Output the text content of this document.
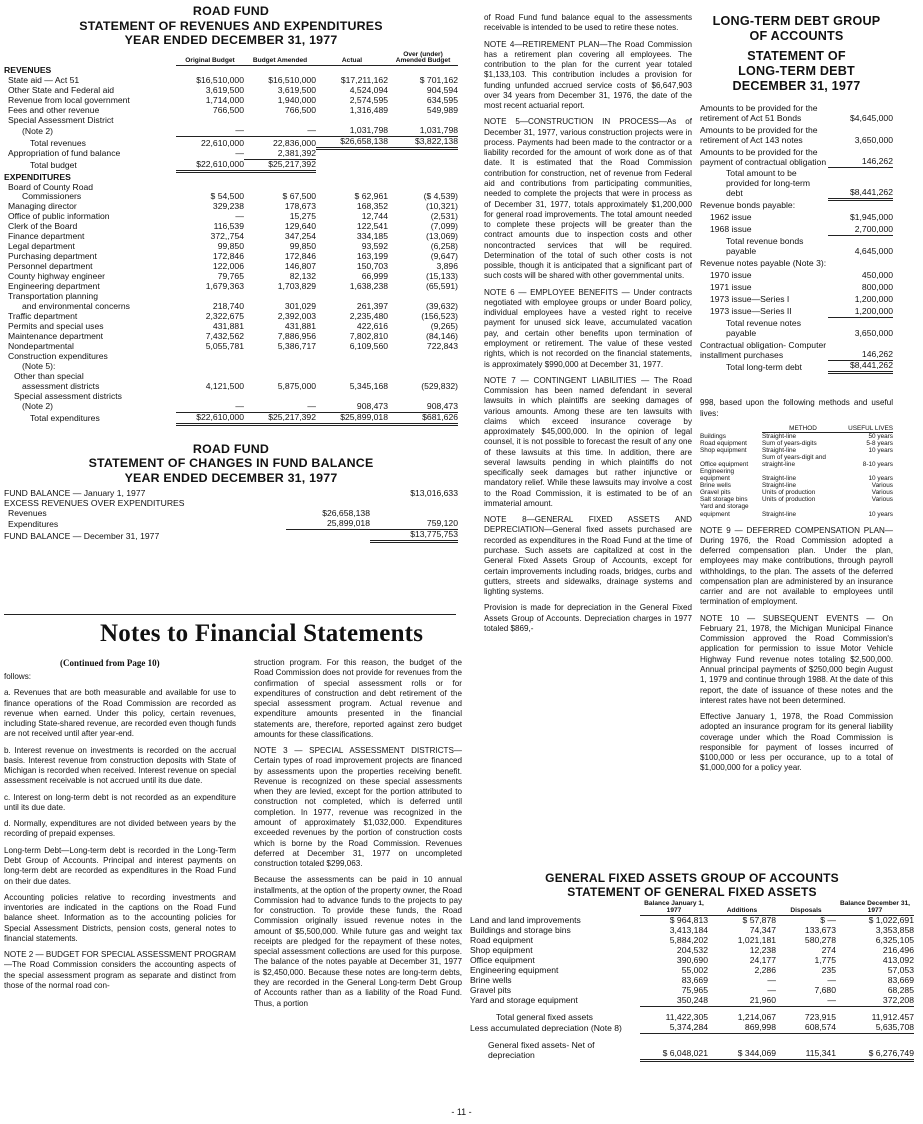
ROAD FUND
STATEMENT OF REVENUES AND EXPENDITURES
YEAR ENDED DECEMBER 31, 1977
	Original Budget	Budget Amended	Actual	Over (under) Amended Budget
REVENUES				
State aid — Act 51	$16,510,000	$16,510,000	$17,211,162	$ 701,162
Other State and Federal aid	3,619,500	3,619,500	4,524,094	904,594
Revenue from local government	1,714,000	1,940,000	2,574,595	634,595
Fees and other revenue	766,500	766,500	1,316,489	549,989
Special Assessment District				
(Note 2)	—	—	1,031,798	1,031,798
Total revenues	22,610,000	22,836,000	$26,658,138	$3,822,138
Appropriation of fund balance	—	2,381,392		
Total budget	$22,610,000	$25,217,392		
EXPENDITURES				
Board of County Road				
Commissioners	$ 54,500	$ 67,500	$ 62,961	($ 4,539)
Managing director	329,238	178,673	168,352	(10,321)
Office of public information	—	15,275	12,744	(2,531)
Clerk of the Board	116,539	129,640	122,541	(7,099)
Finance department	372,,754	347,254	334,185	(13,069)
Legal department	99,850	99,850	93,592	(6,258)
Purchasing department	172,846	172,846	163,199	(9,647)
Personnel department	122,006	146,807	150,703	3,896
County highway engineer	79,765	82,132	66,999	(15,133)
Engineering department	1,679,363	1,703,829	1,638,238	(65,591)
Transportation planning				
and environmental concerns	218,740	301,029	261,397	(39,632)
Traffic department	2,322,675	2,392,003	2,235,480	(156,523)
Permits and special uses	431,881	431,881	422,616	(9,265)
Maintenance department	7,432,562	7,886,956	7,802,810	(84,146)
Nondepartmental	5,055,781	5,386,717	6,109,560	722,843
Construction expenditures				
(Note 5):				
Other than special				
assessment districts	4,121,500	5,875,000	5,345,168	(529,832)
Special assessment districts				
(Note 2)	—	—	908,473	908,473
Total expenditures	$22,610,000	$25,217,392	$25,899,018	$681,626
ROAD FUND
STATEMENT OF CHANGES IN FUND BALANCE
YEAR ENDED DECEMBER 31, 1977
FUND BALANCE — January 1, 1977		$13,016,633
EXCESS REVENUES OVER EXPENDITURES		
Revenues	$26,658,138	
Expenditures	25,899,018	759,120
FUND BALANCE — December 31, 1977		$13,775,753
Notes to Financial Statements
(Continued from Page 10)

follows:

a. Revenues that are both measurable and available for use to finance operations of the Road Commission are recorded as revenue when earned. Under this policy, certain revenues, including State-shared revenue, are recorded even though funds are not received until after year-end.

b. Interest revenue on investments is recorded on the accrual basis. Interest revenue from construction deposits with State of Michigan is recorded when received. Interest revenue on special assessment receivable is not accrued until its due date.

c. Interest on long-term debt is not recorded as an expenditure until its due date.

d. Normally, expenditures are not divided between years by the recording of prepaid expenses.

Long-term Debt—Long-term debt is recorded in the Long-Term Debt Group of Accounts. Principal and interest payments on long-term debt are recorded as expenditures in the Road Fund on their due dates.

Accounting policies relative to recording investments and inventories are indicated in the captions on the Road Fund balance sheet. Information as to the accounting policies for Special Assessment Districts, pension costs, general notes to financial statements.

NOTE 2 — BUDGET FOR SPECIAL ASSESSMENT PROGRAM—The Road Commission considers the accounting aspects of the special assessment program as separate and distinct from those of the normal road con-

struction program. For this reason, the budget of the Road Commission does not provide for revenues from the confirmation of special assessment rolls or for expenditures of construction and debt retirement of the special assessment program. Actual revenue and expenditure amounts presented in the financial statements are, therefore, reported against zero budget amounts for these classifications.

NOTE 3 — SPECIAL ASSESSMENT DISTRICTS—Certain types of road improvement projects are financed by assessments upon the properties receiving benefit. Revenue is recognized on these special assessments when they are levied, except for the portion attributed to construction not completed, which is deferred until completion. In 1977, revenue was recognized in the amount of approximately $1,032,000. Expenditures exceeded revenues by the portion of construction costs which is borne by the Road Commission. Revenues deferred at December 31, 1977 on uncompleted construction totaled $299,063.

Because the assessments can be paid in 10 annual installments, at the option of the property owner, the Road Commission had to advance funds to the projects to pay for construction. To provide these funds, the Road Commission originally issued revenue notes in the amount of $5,500,000. While future gas and weight tax receipts are pledged for the repayment of these notes, special assessment collections are used for this purpose. The balance of the notes payable at December 31, 1977 is $2,450,000. Because these notes are long-term debts, they are recorded in the General Long-term Debt Group of Accounts rather than as a liability of the Road Fund. Thus, a portion

of Road Fund fund balance equal to the assessments receivable is intended to be used to retire these notes.

NOTE 4—RETIREMENT PLAN—The Road Commission has a retirement plan covering all employees. The contribution to the plan for the current year totaled $1,133,103. This contribution includes a provision for funding unfunded accrued service costs of $6,647,903 over 34 years from December 31, 1976, the date of the most recent actuarial report.

NOTE 5—CONSTRUCTION IN PROCESS—As of December 31, 1977, various construction projects were in process. Payments had been made to the contractor or a liability recorded for the amount of work done as of that date. It is estimated that the Road Commission contribution for construction, net of revenue from Federal aid and contributions from participating communities, needed to complete the projects that were in process as of December 31, 1977, totals approximately $1,200,000 for general road improvements. The total amount needed to complete these projects will be greater than the contract amounts due to inspection costs and other noncontracted services that will be required. Determination of the total of such other costs is not possible, though it is anticipated that a significant part of such costs will be shared with other governmental units.

NOTE 6 — EMPLOYEE BENEFITS — Under contracts negotiated with employee groups or under Board policy, individual employees have a vested right to receive payment for unused sick leave, accumulated vacation pay, and certain other benefits upon termination of employment or retirement. The value of these vested rights, which is not recorded on the financial statements, is approximately $990,000 at December 31, 1977.

NOTE 7 — CONTINGENT LIABILITIES — The Road Commission has been named defendant in several lawsuits in which plaintiffs are seeking damages of various amounts. Among these are ten lawsuits with claims which exceed insurance coverage by approximately $45,000,000. In the opinion of legal counsel, it is not possible to forecast the result of any one of these lawsuits at this time. In addition, there are several lawsuits pending in which plaintiffs do not specifically seek damages but rather injunctive or mandatory relief. While these lawsuits may involve a cost to the Road Commission, it is estimated to be of an immaterial amount.

NOTE 8—GENERAL FIXED ASSETS AND DEPRECIATION—General fixed assets purchased are recorded as expenditures in the Road Fund at the time of purchase. Such assets are capitalized at cost in the General Fixed Assets Group of Accounts, except for certain improvements including roads, bridges, curbs and gutters, streets and sidewalks, drainage systems and lighting systems.

Provision is made for depreciation in the General Fixed Assets Group of Accounts. Depreciation charges in 1977 totaled $869,-

LONG-TERM DEBT GROUP
OF ACCOUNTS
STATEMENT OF
LONG-TERM DEBT
DECEMBER 31, 1977
Amounts to be provided for the retirement of Act 51 Bonds	$4,645,000
Amounts to be provided for the retirement of Act 143 notes	3,650,000
Amounts to be provided for the payment of contractual obligation	146,262
Total amount to be provided for long-term debt	$8,441,262
Revenue bonds payable:	
1962 issue	$1,945,000
1968 issue	2,700,000
Total revenue bonds payable	4,645,000
Revenue notes payable (Note 3):	
1970 issue	450,000
1971 issue	800,000
1973 issue—Series I	1,200,000
1973 issue—Series II	1,200,000
Total revenue notes payable	3,650,000
Contractual obligation- Computer installment purchases	146,262
Total long-term debt	$8,441,262

998, based upon the following methods and useful lives:

	METHOD	USEFUL LIVES
Buildings	Straight-line	50 years
Road equipment	Sum of years-digits	5-8 years
Shop equipment	Straight-line	10 years
Office equipment	Sum of years-digit and straight-line	8-10 years
Engineering equipment	Straight-line	10 years
Brine wells	Straight-line	Various
Gravel pits	Units of production	Various
Salt storage bins	Units of production	Various
Yard and storage equipment	Straight-line	10 years

NOTE 9 — DEFERRED COMPENSATION PLAN—During 1976, the Road Commission adopted a deferred compensation plan. Under the plan, employees may make contributions, through payroll withholdings, to the plan. The assets of the deferred compensation plan are administered by an insurance carrier and are not available to employees until termination of employment.

NOTE 10 — SUBSEQUENT EVENTS — On February 21, 1978, the Michigan Municipal Finance Commission approved the Road Commission's application for permission to issue Motor Vehicle Highway Fund revenue notes totaling $2,500,000. Annual principal payments of $250,000 begin August 1, 1979 and continue through 1988. At the date of this report, the date of issuance of these notes and the interest rates have not been determined.

Effective January 1, 1978, the Road Commission adopted an insurance program for its general liability coverage under which the Road Commission is responsible for payment of losses incurred of $100,000 or less per occurance, up to a total of $1,000,000 for a policy year.

GENERAL FIXED ASSETS GROUP OF ACCOUNTS
STATEMENT OF GENERAL FIXED ASSETS
	Balance January 1, 1977	Additions	Disposals	Balance December 31, 1977
Land and land improvements	$ 964,813	$ 57,878	$ —	$ 1,022,691
Buildings and storage bins	3,413,184	74,347	133,673	3,353,858
Road equipment	5,884,202	1,021,181	580,278	6,325,105
Shop equipment	204,532	12,238	274	216,496
Office equipment	390,690	24,177	1,775	413,092
Engineering equipment	55,002	2,286	235	57,053
Brine wells	83,669	—	—	83,669
Gravel pits	75,965	—	7,680	68,285
Yard and storage equipment	350,248	21,960	—	372,208
Total general fixed assets	11,422,305	1,214,067	723,915	11,912.457
Less accumulated depreciation (Note 8)	5,374,284	869,998	608,574	5,635,708
General fixed assets- Net of depreciation	$ 6,048,021	$ 344,069	115,341	$ 6,276,749
- 11 -
